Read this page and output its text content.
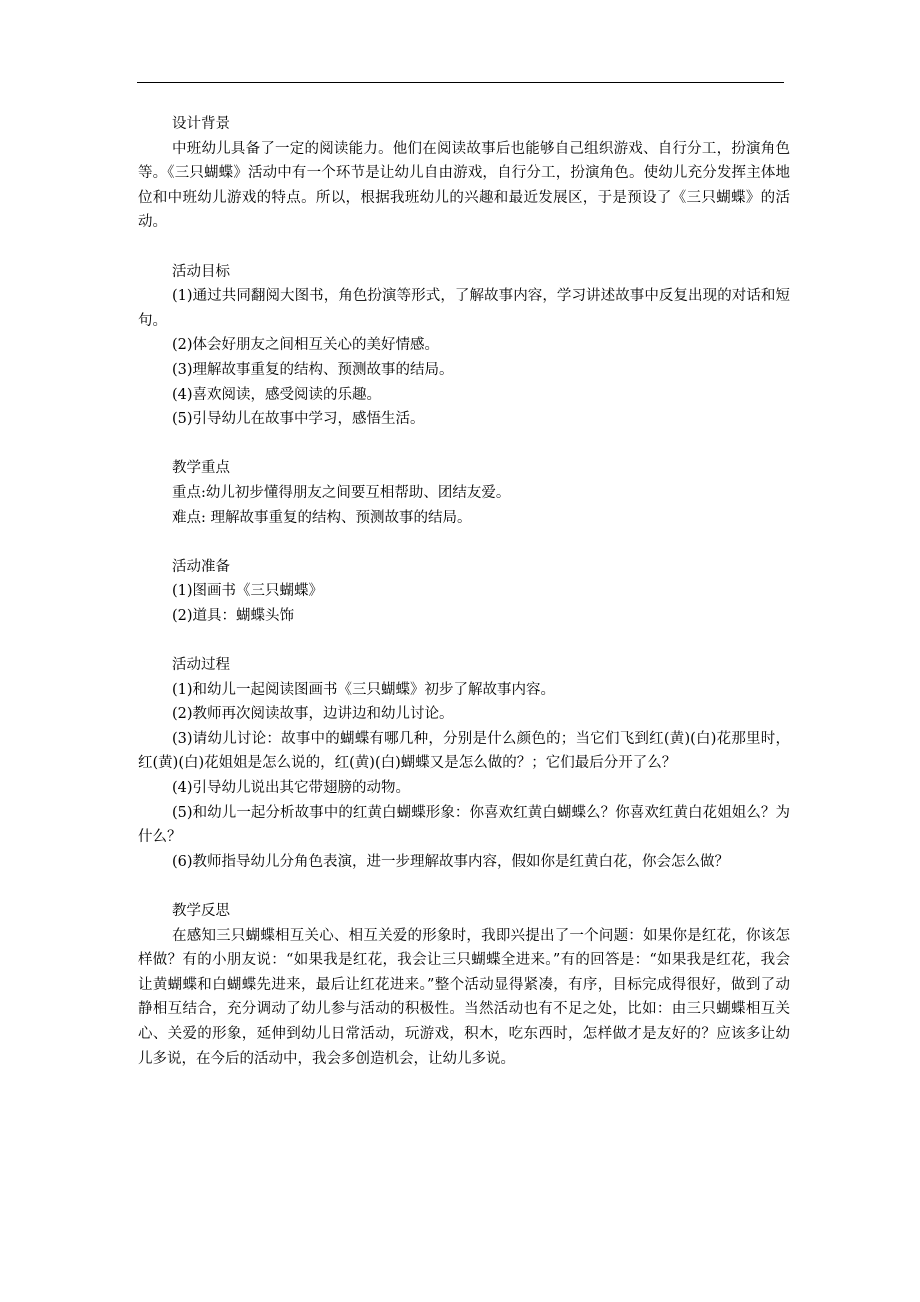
设计背景
中班幼儿具备了一定的阅读能力。他们在阅读故事后也能够自己组织游戏、自行分工，扮演角色等。《三只蝴蝶》活动中有一个环节是让幼儿自由游戏，自行分工，扮演角色。使幼儿充分发挥主体地位和中班幼儿游戏的特点。所以，根据我班幼儿的兴趣和最近发展区，于是预设了《三只蝴蝶》的活动。
活动目标
(1)通过共同翻阅大图书，角色扮演等形式，了解故事内容，学习讲述故事中反复出现的对话和短句。
(2)体会好朋友之间相互关心的美好情感。
(3)理解故事重复的结构、预测故事的结局。
(4)喜欢阅读，感受阅读的乐趣。
(5)引导幼儿在故事中学习，感悟生活。
教学重点
重点:幼儿初步懂得朋友之间要互相帮助、团结友爱。
难点: 理解故事重复的结构、预测故事的结局。
活动准备
(1)图画书《三只蝴蝶》
(2)道具：蝴蝶头饰
活动过程
(1)和幼儿一起阅读图画书《三只蝴蝶》初步了解故事内容。
(2)教师再次阅读故事，边讲边和幼儿讨论。
(3)请幼儿讨论：故事中的蝴蝶有哪几种，分别是什么颜色的；当它们飞到红(黄)(白)花那里时，红(黄)(白)花姐姐是怎么说的，红(黄)(白)蝴蝶又是怎么做的？；它们最后分开了么？
(4)引导幼儿说出其它带翅膀的动物。
(5)和幼儿一起分析故事中的红黄白蝴蝶形象：你喜欢红黄白蝴蝶么？你喜欢红黄白花姐姐么？为什么？
(6)教师指导幼儿分角色表演，进一步理解故事内容，假如你是红黄白花，你会怎么做？
教学反思
在感知三只蝴蝶相互关心、相互关爱的形象时，我即兴提出了一个问题：如果你是红花，你该怎样做？有的小朋友说：“如果我是红花，我会让三只蝴蝶全进来。”有的回答是：“如果我是红花，我会让黄蝴蝶和白蝴蝶先进来，最后让红花进来。”整个活动显得紧凑，有序，目标完成得很好，做到了动静相互结合，充分调动了幼儿参与活动的积极性。当然活动也有不足之处，比如：由三只蝴蝶相互关心、关爱的形象，延伸到幼儿日常活动，玩游戏，积木，吃东西时，怎样做才是友好的？应该多让幼儿多说，在今后的活动中，我会多创造机会，让幼儿多说。
